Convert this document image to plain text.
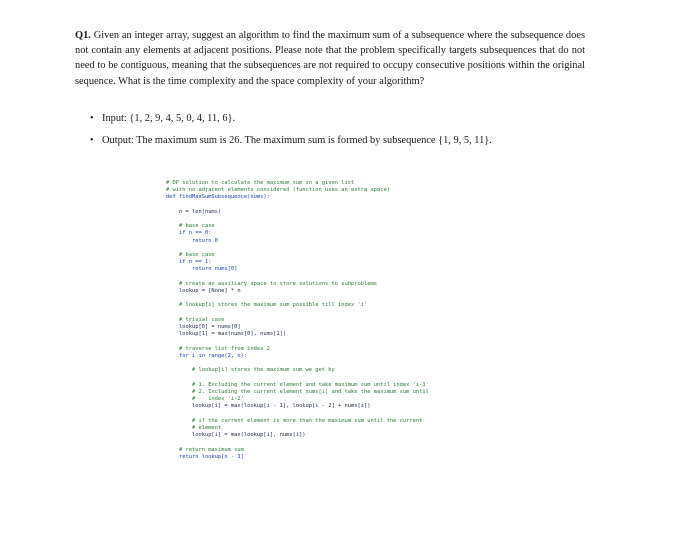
Q1. Given an integer array, suggest an algorithm to find the maximum sum of a subsequence where the subsequence does not contain any elements at adjacent positions. Please note that the problem specifically targets subsequences that do not need to be contiguous, meaning that the subsequences are not required to occupy consecutive positions within the original sequence. What is the time complexity and the space complexity of your algorithm?
• Input: {1, 2, 9, 4, 5, 0, 4, 11, 6}.
• Output: The maximum sum is 26. The maximum sum is formed by subsequence {1, 9, 5, 11}.
# DP solution to calculate the maximum sum in a given list
# with no adjacent elements considered (function uses an extra space)
def findMaxSumSubsequence(nums):

n = len(nums)

# base case
if n == 0:
return 0

# base case
if n == 1:
return nums[0]

# create an auxiliary space to store solutions to subproblems
lookup = [None] * n

# lookup[i] stores the maximum sum possible till index 'i'

# trivial case
lookup[0] = nums[0]
lookup[1] = max(nums[0], nums[1])

# traverse list from index 2
for i in range(2, n):

# lookup[i] stores the maximum sum we get by

# 1. Excluding the current element and take maximum sum until index 'i-1'
# 2. Including the current element nums[i] and take the maximum sum until
#    index 'i-2'
lookup[i] = max(lookup[i - 1], lookup[i - 2] + nums[i])

# if the current element is more than the maximum sum until the current
# element
lookup[i] = max(lookup[i], nums[i])

# return maximum sum
return lookup[n - 1]
